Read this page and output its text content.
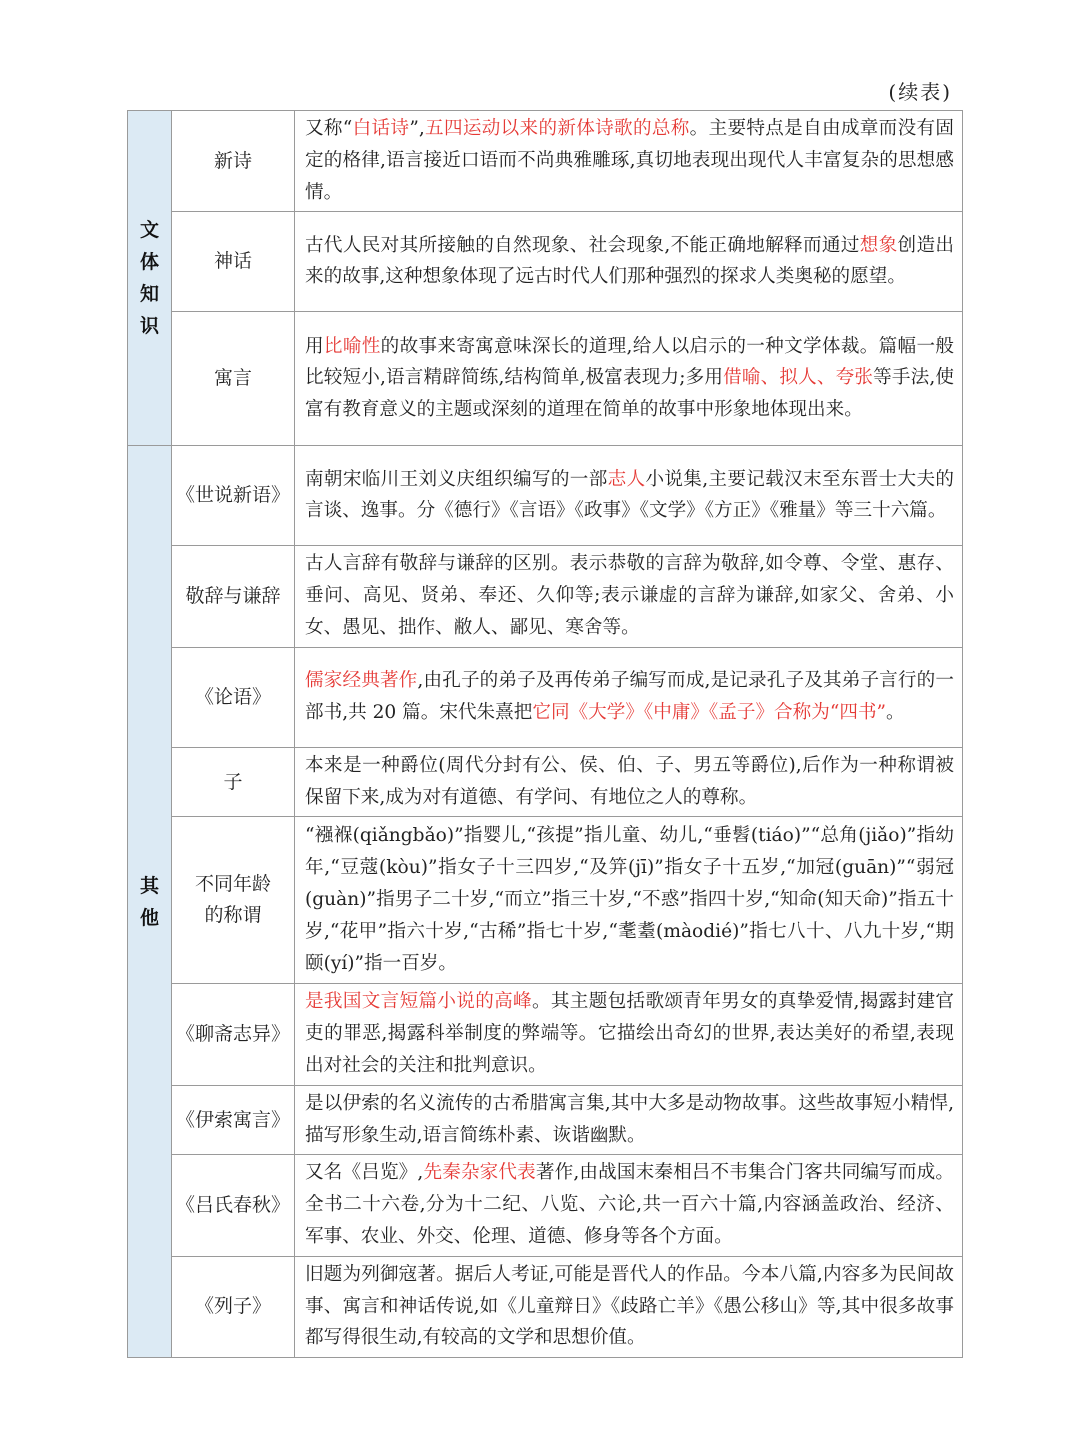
(续表)
文体知识	新诗	又称“白话诗”,五四运动以来的新体诗歌的总称。主要特点是自由成章而没有固定的格律,语言接近口语而不尚典雅雕琢,真切地表现出现代人丰富复杂的思想感情。
	神话	古代人民对其所接触的自然现象、社会现象,不能正确地解释而通过想象创造出来的故事,这种想象体现了远古时代人们那种强烈的探求人类奥秘的愿望。
	寓言	用比喻性的故事来寄寓意味深长的道理,给人以启示的一种文学体裁。篇幅一般比较短小,语言精辟简练,结构简单,极富表现力;多用借喻、拟人、夸张等手法,使富有教育意义的主题或深刻的道理在简单的故事中形象地体现出来。
其他	《世说新语》	南朝宋临川王刘义庆组织编写的一部志人小说集,主要记载汉末至东晋士大夫的言谈、逸事。分《德行》《言语》《政事》《文学》《方正》《雅量》等三十六篇。
	敬辞与谦辞	古人言辞有敬辞与谦辞的区别。表示恭敬的言辞为敬辞,如令尊、令堂、惠存、垂问、高见、贤弟、奉还、久仰等;表示谦虚的言辞为谦辞,如家父、舍弟、小女、愚见、拙作、敝人、鄙见、寒舍等。
	《论语》	儒家经典著作,由孔子的弟子及再传弟子编写而成,是记录孔子及其弟子言行的一部书,共 20 篇。宋代朱熹把它同《大学》《中庸》《孟子》合称为“四书”。
	子	本来是一种爵位(周代分封有公、侯、伯、子、男五等爵位),后作为一种称谓被保留下来,成为对有道德、有学问、有地位之人的尊称。
	不同年龄的称谓	“襁褓(qiǎngbǎo)”指婴儿,“孩提”指儿童、幼儿,“垂髫(tiáo)”“总角(jiǎo)”指幼年,“豆蔻(kòu)”指女子十三四岁,“及笄(jī)”指女子十五岁,“加冠(guān)”“弱冠(guàn)”指男子二十岁,“而立”指三十岁,“不惑”指四十岁,“知命(知天命)”指五十岁,“花甲”指六十岁,“古稀”指七十岁,“耄耋(màodié)”指七八十、八九十岁,“期颐(yí)”指一百岁。
	《聊斋志异》	是我国文言短篇小说的高峰。其主题包括歌颂青年男女的真挚爱情,揭露封建官吏的罪恶,揭露科举制度的弊端等。它描绘出奇幻的世界,表达美好的希望,表现出对社会的关注和批判意识。
	《伊索寓言》	是以伊索的名义流传的古希腊寓言集,其中大多是动物故事。这些故事短小精悍,描写形象生动,语言简练朴素、诙谐幽默。
	《吕氏春秋》	又名《吕览》,先秦杂家代表著作,由战国末秦相吕不韦集合门客共同编写而成。全书二十六卷,分为十二纪、八览、六论,共一百六十篇,内容涵盖政治、经济、军事、农业、外交、伦理、道德、修身等各个方面。
	《列子》	旧题为列御寇著。据后人考证,可能是晋代人的作品。今本八篇,内容多为民间故事、寓言和神话传说,如《儿童辩日》《歧路亡羊》《愚公移山》等,其中很多故事都写得很生动,有较高的文学和思想价值。
